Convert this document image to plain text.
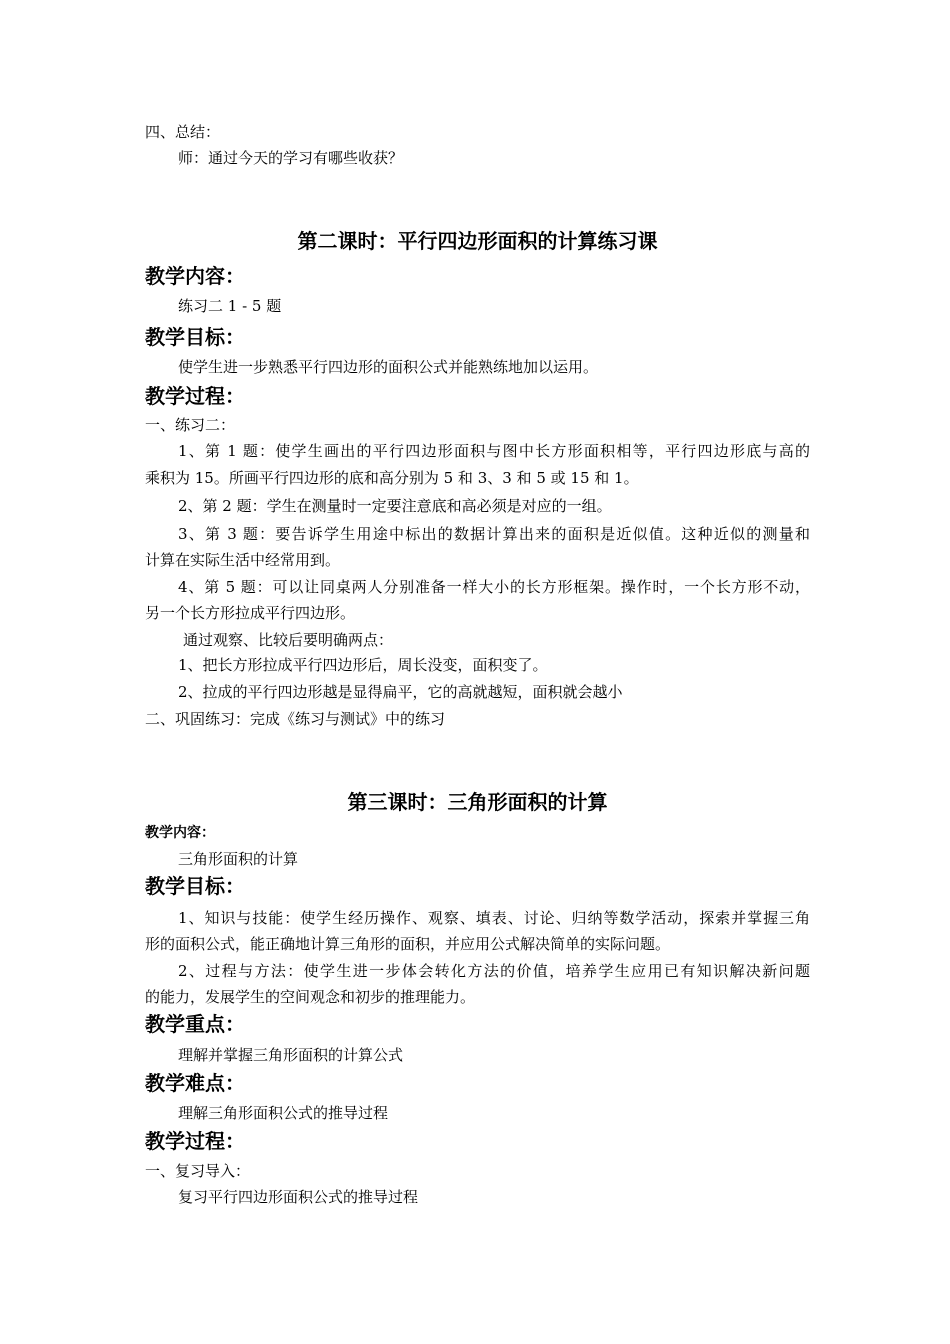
四、总结：
师：通过今天的学习有哪些收获？
第二课时：平行四边形面积的计算练习课
教学内容：
练习二 1 - 5 题
教学目标：
使学生进一步熟悉平行四边形的面积公式并能熟练地加以运用。
教学过程：
一、练习二：
1、第 1 题：使学生画出的平行四边形面积与图中长方形面积相等，平行四边形底与高的
乘积为 15。所画平行四边形的底和高分别为 5 和 3、3 和 5 或 15 和 1。
2、第 2 题：学生在测量时一定要注意底和高必须是对应的一组。
3、第 3 题：要告诉学生用途中标出的数据计算出来的面积是近似值。这种近似的测量和
计算在实际生活中经常用到。
4、第 5 题：可以让同桌两人分别准备一样大小的长方形框架。操作时，一个长方形不动，
另一个长方形拉成平行四边形。
通过观察、比较后要明确两点：
1、把长方形拉成平行四边形后，周长没变，面积变了。
2、拉成的平行四边形越是显得扁平，它的高就越短，面积就会越小
二、巩固练习：完成《练习与测试》中的练习
第三课时：三角形面积的计算
教学内容：
三角形面积的计算
教学目标：
1、知识与技能：使学生经历操作、观察、填表、讨论、归纳等数学活动，探索并掌握三角
形的面积公式，能正确地计算三角形的面积，并应用公式解决简单的实际问题。
2、过程与方法：使学生进一步体会转化方法的价值，培养学生应用已有知识解决新问题
的能力，发展学生的空间观念和初步的推理能力。
教学重点：
理解并掌握三角形面积的计算公式
教学难点：
理解三角形面积公式的推导过程
教学过程：
一、复习导入：
复习平行四边形面积公式的推导过程
